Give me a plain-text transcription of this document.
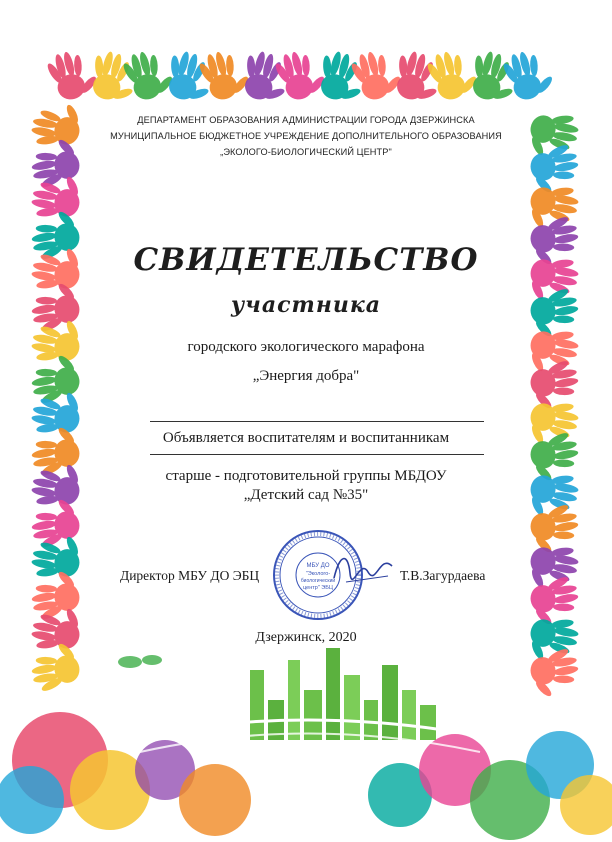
ДЕПАРТАМЕНТ ОБРАЗОВАНИЯ АДМИНИСТРАЦИИ ГОРОДА ДЗЕРЖИНСКА
МУНИЦИПАЛЬНОЕ БЮДЖЕТНОЕ УЧРЕЖДЕНИЕ ДОПОЛНИТЕЛЬНОГО ОБРАЗОВАНИЯ
„ЭКОЛОГО-БИОЛОГИЧЕСКИЙ ЦЕНТР"
СВИДЕТЕЛЬСТВО
участника
городского экологического марафона
„Энергия добра"
Объявляется воспитателям и воспитанникам
старше - подготовительной группы МБДОУ
„Детский сад №35"
Директор МБУ ДО ЭБЦ	Т.В.Загурдаева
МБУ ДО
"Эколого-
биологический
центр" ЭБЦ
Дзержинск, 2020
